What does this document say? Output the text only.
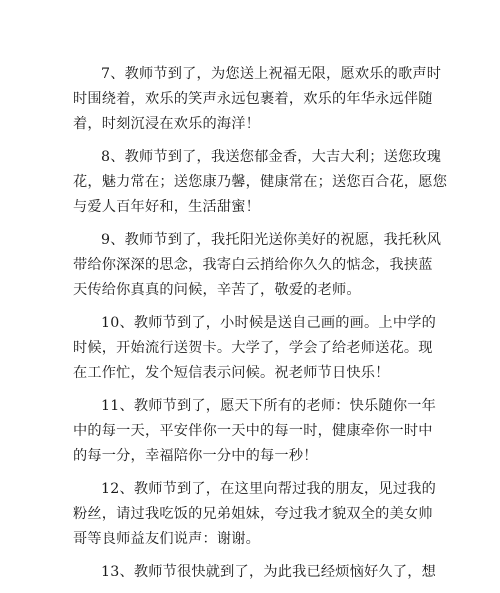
7、教师节到了，为您送上祝福无限，愿欢乐的歌声时
时围绕着，欢乐的笑声永远包裹着，欢乐的年华永远伴随
着，时刻沉浸在欢乐的海洋！
8、教师节到了，我送您郁金香，大吉大利；送您玫瑰
花，魅力常在；送您康乃馨，健康常在；送您百合花，愿您
与爱人百年好和，生活甜蜜！
9、教师节到了，我托阳光送你美好的祝愿，我托秋风
带给你深深的思念，我寄白云捎给你久久的惦念，我挟蓝
天传给你真真的问候，辛苦了，敬爱的老师。
10、教师节到了，小时候是送自己画的画。上中学的
时候，开始流行送贺卡。大学了，学会了给老师送花。现
在工作忙，发个短信表示问候。祝老师节日快乐！
11、教师节到了，愿天下所有的老师：快乐随你一年
中的每一天，平安伴你一天中的每一时，健康牵你一时中
的每一分，幸福陪你一分中的每一秒！
12、教师节到了，在这里向帮过我的朋友，见过我的
粉丝，请过我吃饭的兄弟姐妹，夸过我才貌双全的美女帅
哥等良师益友们说声：谢谢。
13、教师节很快就到了，为此我已经烦恼好久了，想
